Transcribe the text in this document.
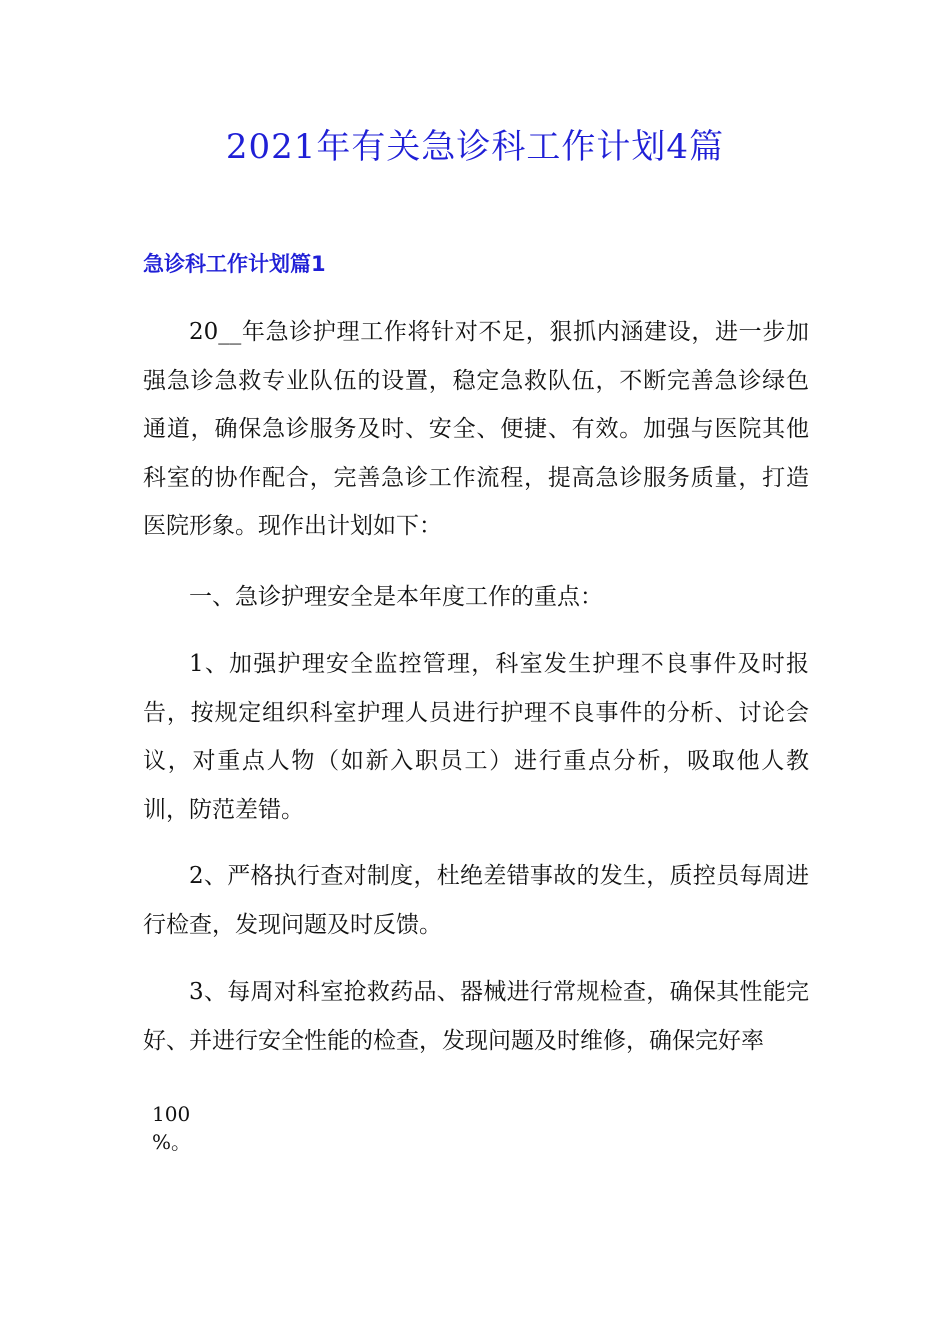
2021年有关急诊科工作计划4篇
急诊科工作计划篇1

20__年急诊护理工作将针对不足，狠抓内涵建设，进一步加强急诊急救专业队伍的设置，稳定急救队伍，不断完善急诊绿色通道，确保急诊服务及时、安全、便捷、有效。加强与医院其他科室的协作配合，完善急诊工作流程，提高急诊服务质量，打造医院形象。现作出计划如下：

一、急诊护理安全是本年度工作的重点：

1、加强护理安全监控管理，科室发生护理不良事件及时报告，按规定组织科室护理人员进行护理不良事件的分析、讨论会议，对重点人物（如新入职员工）进行重点分析，吸取他人教训，防范差错。

2、严格执行查对制度，杜绝差错事故的发生，质控员每周进行检查，发现问题及时反馈。

3、每周对科室抢救药品、器械进行常规检查，确保其性能完好、并进行安全性能的检查，发现问题及时维修，确保完好率

100
%。
